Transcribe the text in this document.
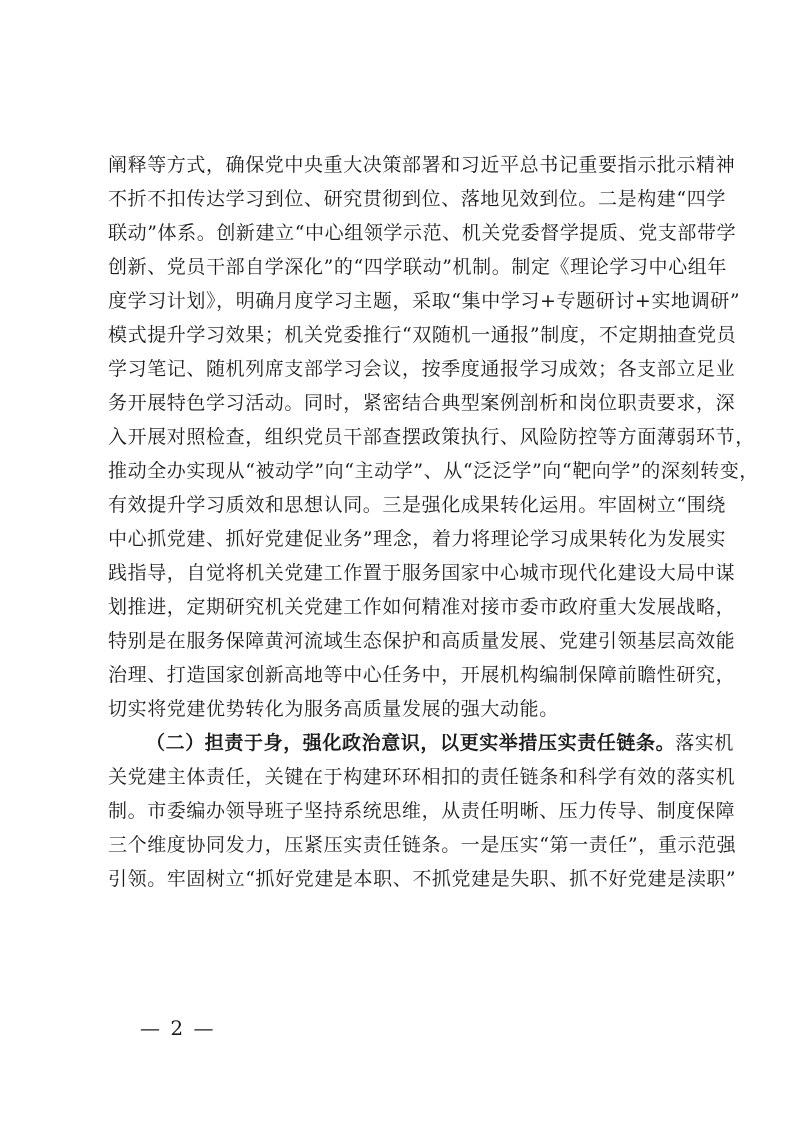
阐释等方式，确保党中央重大决策部署和习近平总书记重要指示批示精神
不折不扣传达学习到位、研究贯彻到位、落地见效到位。二是构建“四学
联动”体系。创新建立“中心组领学示范、机关党委督学提质、党支部带学
创新、党员干部自学深化”的“四学联动”机制。制定《理论学习中心组年
度学习计划》，明确月度学习主题，采取“集中学习+专题研讨+实地调研”
模式提升学习效果；机关党委推行“双随机一通报”制度，不定期抽查党员
学习笔记、随机列席支部学习会议，按季度通报学习成效；各支部立足业
务开展特色学习活动。同时，紧密结合典型案例剖析和岗位职责要求，深
入开展对照检查，组织党员干部查摆政策执行、风险防控等方面薄弱环节，
推动全办实现从“被动学”向“主动学”、从“泛泛学”向“靶向学”的深刻转变，
有效提升学习质效和思想认同。三是强化成果转化运用。牢固树立“围绕
中心抓党建、抓好党建促业务”理念，着力将理论学习成果转化为发展实
践指导，自觉将机关党建工作置于服务国家中心城市现代化建设大局中谋
划推进，定期研究机关党建工作如何精准对接市委市政府重大发展战略，
特别是在服务保障黄河流域生态保护和高质量发展、党建引领基层高效能
治理、打造国家创新高地等中心任务中，开展机构编制保障前瞻性研究，
切实将党建优势转化为服务高质量发展的强大动能。
（二）担责于身，强化政治意识，以更实举措压实责任链条。落实机
关党建主体责任，关键在于构建环环相扣的责任链条和科学有效的落实机
制。市委编办领导班子坚持系统思维，从责任明晰、压力传导、制度保障
三个维度协同发力，压紧压实责任链条。一是压实“第一责任”，重示范强
引领。牢固树立“抓好党建是本职、不抓党建是失职、抓不好党建是渎职”
— 2 —
